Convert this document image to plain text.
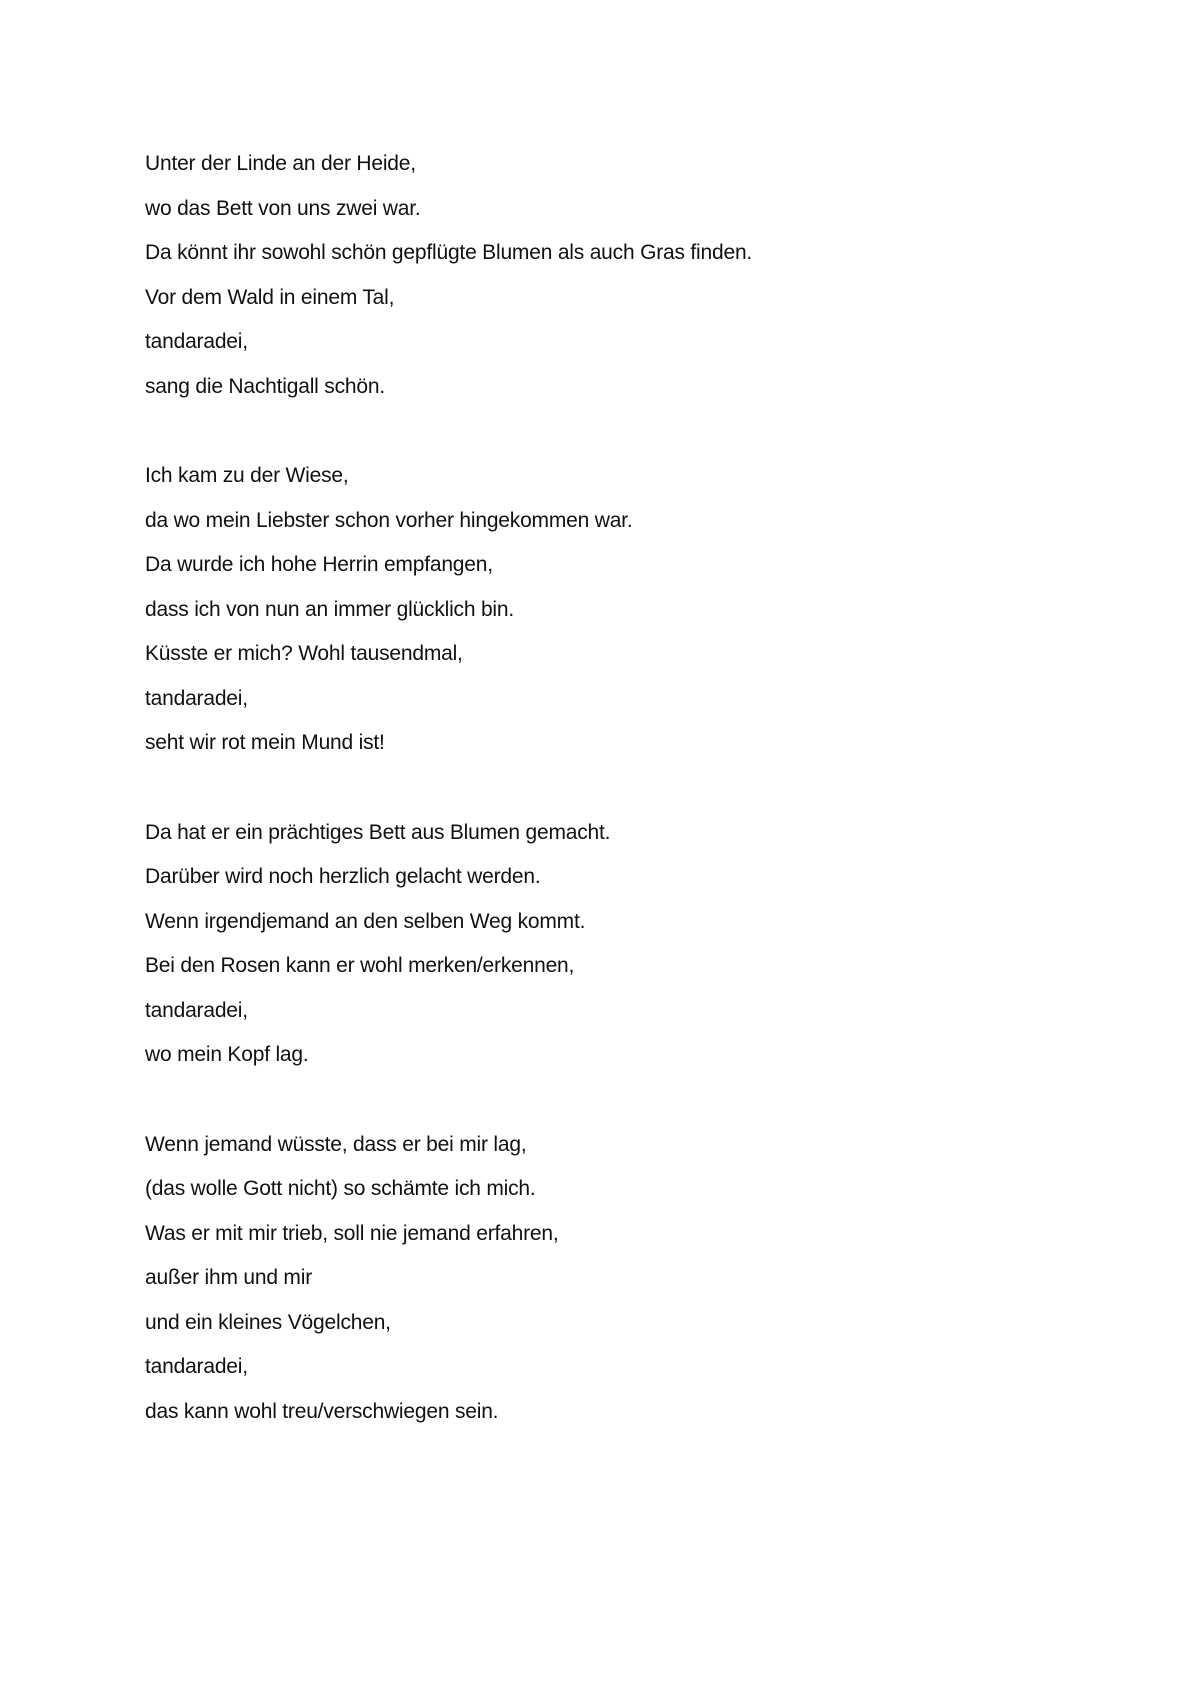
Unter der Linde an der Heide,
wo das Bett von uns zwei war.
Da könnt ihr sowohl schön gepflügte Blumen als auch Gras finden.
Vor dem Wald in einem Tal,
tandaradei,
sang die Nachtigall schön.
Ich kam zu der Wiese,
da wo mein Liebster schon vorher hingekommen war.
Da wurde ich hohe Herrin empfangen,
dass ich von nun an immer glücklich bin.
Küsste er mich? Wohl tausendmal,
tandaradei,
seht wir rot mein Mund ist!
Da hat er ein prächtiges Bett aus Blumen gemacht.
Darüber wird noch herzlich gelacht werden.
Wenn irgendjemand an den selben Weg kommt.
Bei den Rosen kann er wohl merken/erkennen,
tandaradei,
wo mein Kopf lag.
Wenn jemand wüsste, dass er bei mir lag,
(das wolle Gott nicht) so schämte ich mich.
Was er mit mir trieb, soll nie jemand erfahren,
außer ihm und mir
und ein kleines Vögelchen,
tandaradei,
das kann wohl treu/verschwiegen sein.
